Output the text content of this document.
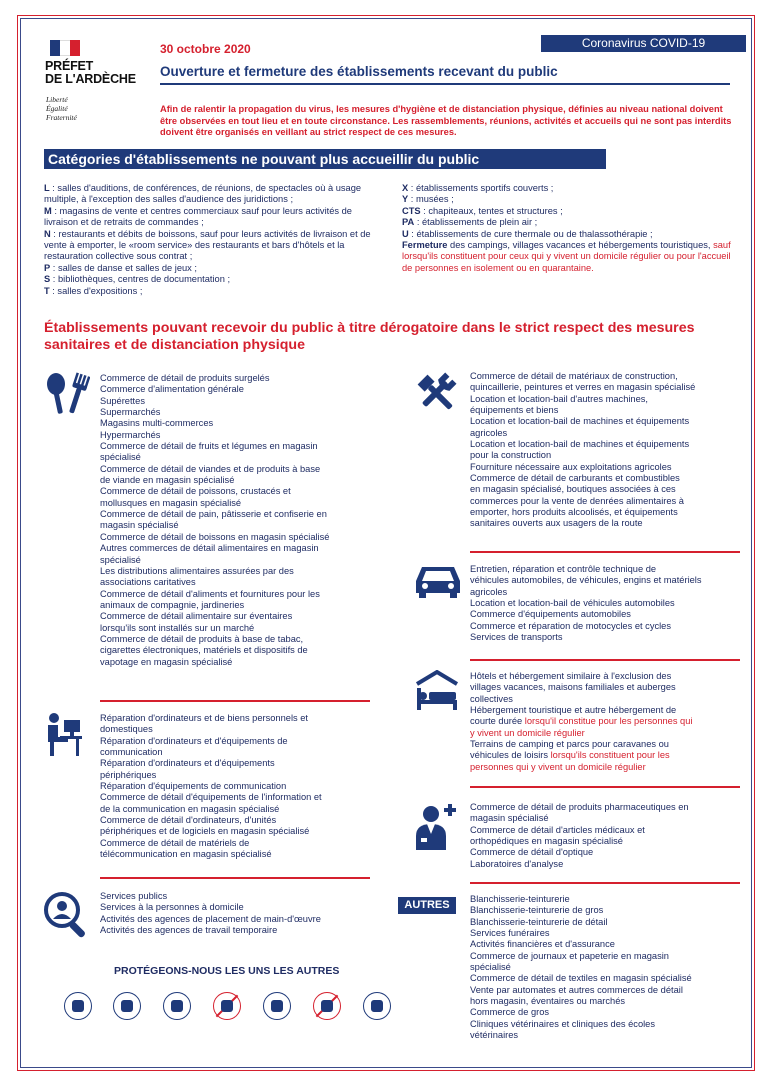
PRÉFET
DE L'ARDÈCHE
Liberté
Égalité
Fraternité
30 octobre 2020	Coronavirus COVID-19
Ouverture et fermeture des établissements recevant du public
Afin de ralentir la propagation du virus, les mesures d'hygiène et de distanciation physique, définies au niveau national doivent être observées en tout lieu et en toute circonstance. Les rassemblements, réunions, activités et accueils qui ne sont pas interdits doivent être organisés en veillant au strict respect de ces mesures.
Catégories d'établissements ne pouvant plus accueillir du public
L : salles d'auditions, de conférences, de réunions, de spectacles où à usage multiple, à l'exception des salles d'audience des juridictions ;
M : magasins de vente et centres commerciaux sauf pour leurs activités de livraison et de retraits de commandes ;
N : restaurants et débits de boissons, sauf pour leurs activités de livraison et de vente à emporter, le «room service» des restaurants et bars d'hôtels et la restauration collective sous contrat ;
P : salles de danse et salles de jeux ;
S : bibliothèques, centres de documentation ;
T : salles d'expositions ;
X : établissements sportifs couverts ;
Y : musées ;
CTS : chapiteaux, tentes et structures ;
PA : établissements de plein air ;
U : établissements de cure thermale ou de thalassothérapie ;
Fermeture des campings, villages vacances et hébergements touristiques, sauf lorsqu'ils constituent pour ceux qui y vivent un domicile régulier ou pour l'accueil de personnes en isolement ou en quarantaine.
Établissements pouvant recevoir du public à titre dérogatoire dans le strict respect des mesures sanitaires et de distanciation physique
Commerce de détail de produits surgelés
Commerce d'alimentation générale
Supérettes
Supermarchés
Magasins multi-commerces
Hypermarchés
Commerce de détail de fruits et légumes en magasin
spécialisé
Commerce de détail de viandes et de produits à base
de viande en magasin spécialisé
Commerce de détail de poissons, crustacés et
mollusques en magasin spécialisé
Commerce de détail de pain, pâtisserie et confiserie en
magasin spécialisé
Commerce de détail de boissons en magasin spécialisé
Autres commerces de détail alimentaires en magasin
spécialisé
Les distributions alimentaires assurées par des
associations caritatives
Commerce de détail d'aliments et fournitures pour les
animaux de compagnie, jardineries
Commerce de détail alimentaire sur éventaires
lorsqu'ils sont installés sur un marché
Commerce de détail de produits à base de tabac,
cigarettes électroniques, matériels et dispositifs de
vapotage en magasin spécialisé
Réparation d'ordinateurs et de biens personnels et
domestiques
Réparation d'ordinateurs et d'équipements de
communication
Réparation d'ordinateurs et d'équipements
périphériques
Réparation d'équipements de communication
Commerce de détail d'équipements de l'information et
de la communication en magasin spécialisé
Commerce de détail d'ordinateurs, d'unités
périphériques et de logiciels en magasin spécialisé
Commerce de détail de matériels de
télécommunication en magasin spécialisé
Services publics
Services à la personnes à domicile
Activités des agences de placement de main-d'œuvre
Activités des agences de travail temporaire
PROTÉGEONS-NOUS LES UNS LES AUTRES
Commerce de détail de matériaux de construction,
quincaillerie, peintures et verres en magasin spécialisé
Location et location-bail d'autres machines,
équipements et biens
Location et location-bail de machines et équipements
agricoles
Location et location-bail de machines et équipements
pour la construction
Fourniture nécessaire aux exploitations agricoles
Commerce de détail de carburants et combustibles
en magasin spécialisé, boutiques associées à ces
commerces pour la vente de denrées alimentaires à
emporter, hors produits alcoolisés, et équipements
sanitaires ouverts aux usagers de la route
Entretien, réparation et contrôle technique de
véhicules automobiles, de véhicules, engins et matériels
agricoles
Location et location-bail de véhicules automobiles
Commerce d'équipements automobiles
Commerce et réparation de motocycles et cycles
Services de transports
Hôtels et hébergement similaire à l'exclusion des
villages vacances, maisons familiales et auberges
collectives
Hébergement touristique et autre hébergement de
courte durée lorsqu'il constitue pour les personnes qui
y vivent un domicile régulier
Terrains de camping et parcs pour caravanes ou
véhicules de loisirs lorsqu'ils constituent pour les
personnes qui y vivent un domicile régulier
Commerce de détail de produits pharmaceutiques en
magasin spécialisé
Commerce de détail d'articles médicaux et
orthopédiques en magasin spécialisé
Commerce de détail d'optique
Laboratoires d'analyse
AUTRES	Blanchisserie-teinturerie
Blanchisserie-teinturerie de gros
Blanchisserie-teinturerie de détail
Services funéraires
Activités financières et d'assurance
Commerce de journaux et papeterie en magasin
spécialisé
Commerce de détail de textiles en magasin spécialisé
Vente par automates et autres commerces de détail
hors magasin, éventaires ou marchés
Commerce de gros
Cliniques vétérinaires et cliniques des écoles
vétérinaires
